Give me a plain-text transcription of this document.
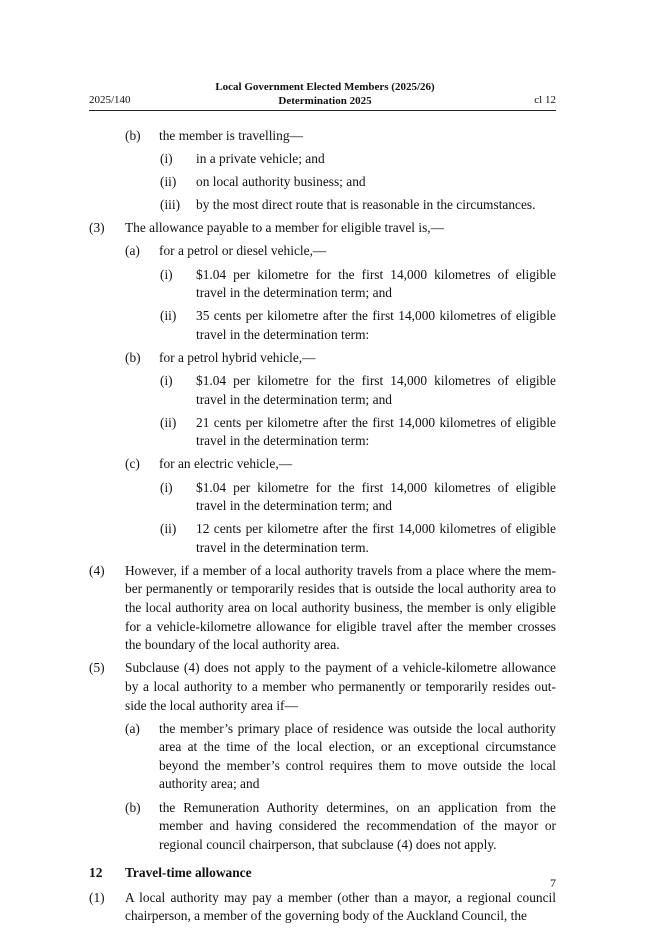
2025/140
Local Government Elected Members (2025/26)
Determination 2025	cl 12
(b) the member is travelling—
(i) in a private vehicle; and
(ii) on local authority business; and
(iii) by the most direct route that is reasonable in the circumstances.
(3) The allowance payable to a member for eligible travel is,—
(a) for a petrol or diesel vehicle,—
(i) $1.04 per kilometre for the first 14,000 kilometres of eligible travel in the determination term; and
(ii) 35 cents per kilometre after the first 14,000 kilometres of eligible travel in the determination term:
(b) for a petrol hybrid vehicle,—
(i) $1.04 per kilometre for the first 14,000 kilometres of eligible travel in the determination term; and
(ii) 21 cents per kilometre after the first 14,000 kilometres of eligible travel in the determination term:
(c) for an electric vehicle,—
(i) $1.04 per kilometre for the first 14,000 kilometres of eligible travel in the determination term; and
(ii) 12 cents per kilometre after the first 14,000 kilometres of eligible travel in the determination term.
(4) However, if a member of a local authority travels from a place where the member permanently or temporarily resides that is outside the local authority area to the local authority area on local authority business, the member is only eligible for a vehicle-kilometre allowance for eligible travel after the member crosses the boundary of the local authority area.
(5) Subclause (4) does not apply to the payment of a vehicle-kilometre allowance by a local authority to a member who permanently or temporarily resides outside the local authority area if—
(a) the member’s primary place of residence was outside the local authority area at the time of the local election, or an exceptional circumstance beyond the member’s control requires them to move outside the local authority area; and
(b) the Remuneration Authority determines, on an application from the member and having considered the recommendation of the mayor or regional council chairperson, that subclause (4) does not apply.
12 Travel-time allowance
(1) A local authority may pay a member (other than a mayor, a regional council chairperson, a member of the governing body of the Auckland Council, the
7
